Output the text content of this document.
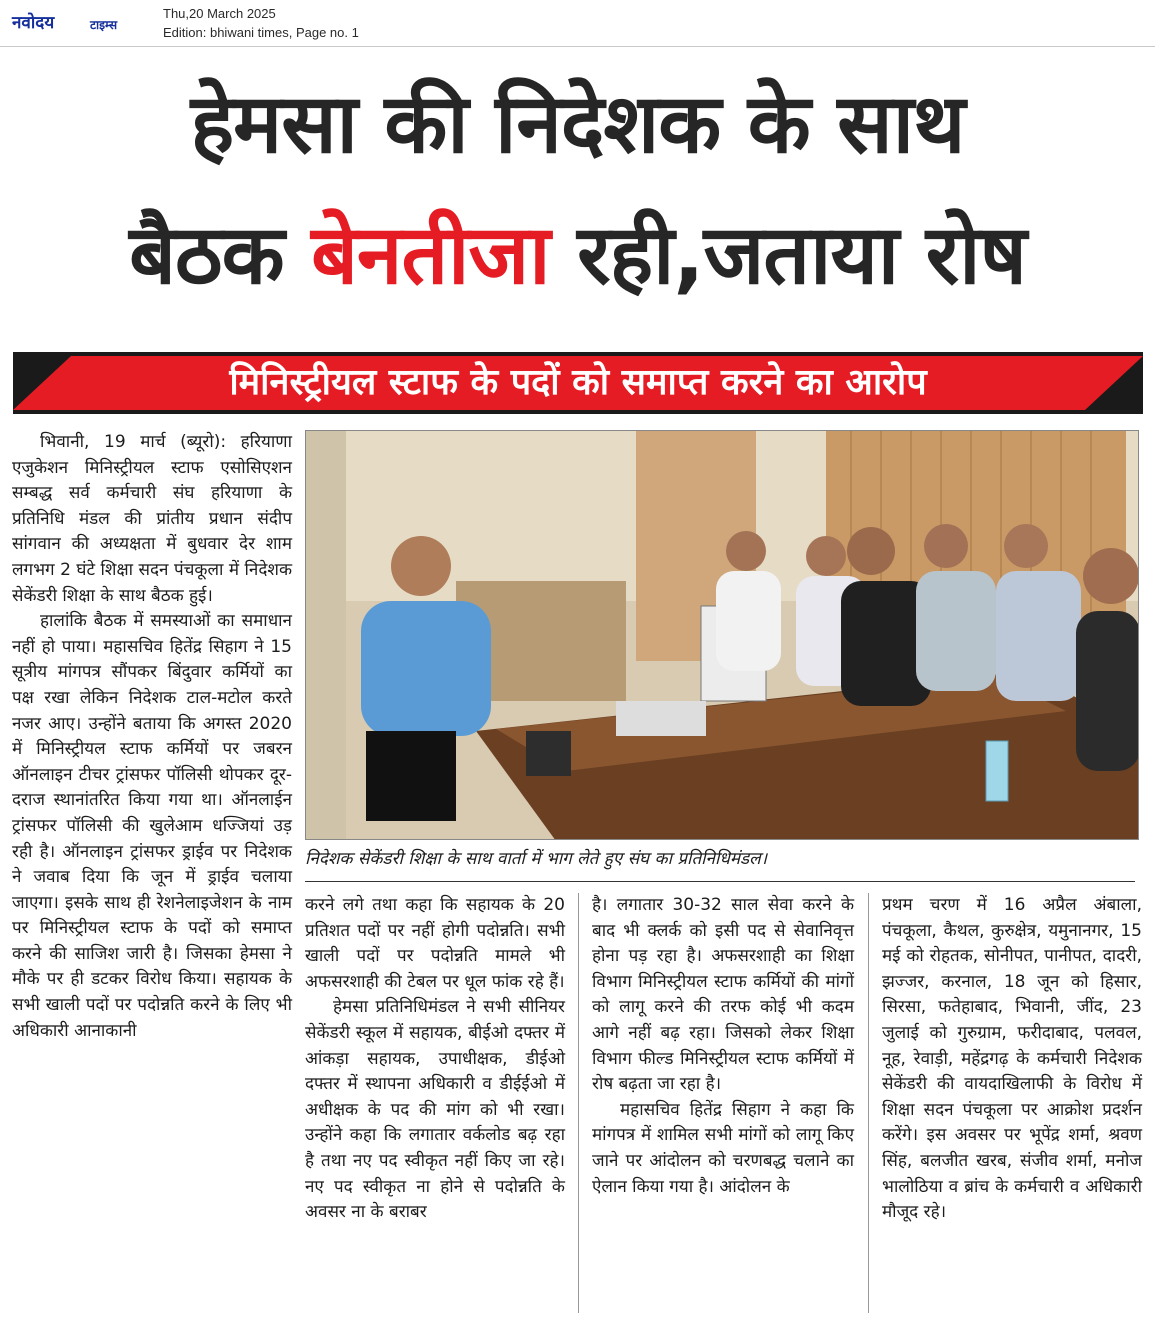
नवोदय	टाइम्स
Thu,20 March 2025
Edition: bhiwani times, Page no. 1
हेमसा की निदेशक के साथ
बैठक बेनतीजा रही,जताया रोष
मिनिस्ट्रीयल स्टाफ के पदों को समाप्त करने का आरोप

भिवानी, 19 मार्च (ब्यूरो): हरियाणा एजुकेशन मिनिस्ट्रीयल स्टाफ एसोसिएशन सम्बद्ध सर्व कर्मचारी संघ हरियाणा के प्रतिनिधि मंडल की प्रांतीय प्रधान संदीप सांगवान की अध्यक्षता में बुधवार देर शाम लगभग 2 घंटे शिक्षा सदन पंचकूला में निदेशक सेकेंडरी शिक्षा के साथ बैठक हुई।

हालांकि बैठक में समस्याओं का समाधान नहीं हो पाया। महासचिव हितेंद्र सिहाग ने 15 सूत्रीय मांगपत्र सौंपकर बिंदुवार कर्मियों का पक्ष रखा लेकिन निदेशक टाल-मटोल करते नजर आए। उन्होंने बताया कि अगस्त 2020 में मिनिस्ट्रीयल स्टाफ कर्मियों पर जबरन ऑनलाइन टीचर ट्रांसफर पॉलिसी थोपकर दूर-दराज स्थानांतरित किया गया था। ऑनलाईन ट्रांसफर पॉलिसी की खुलेआम धज्जियां उड़ रही है। ऑनलाइन ट्रांसफर ड्राईव पर निदेशक ने जवाब दिया कि जून में ड्राईव चलाया जाएगा। इसके साथ ही रेशनेलाइजेशन के नाम पर मिनिस्ट्रीयल स्टाफ के पदों को समाप्त करने की साजिश जारी है। जिसका हेमसा ने मौके पर ही डटकर विरोध किया। सहायक के सभी खाली पदों पर पदोन्नति करने के लिए भी अधिकारी आनाकानी

निदेशक सेकेंडरी शिक्षा के साथ वार्ता में भाग लेते हुए संघ का प्रतिनिधिमंडल।

करने लगे तथा कहा कि सहायक के 20 प्रतिशत पदों पर नहीं होगी पदोन्नति। सभी खाली पदों पर पदोन्नति मामले भी अफसरशाही की टेबल पर धूल फांक रहे हैं।

हेमसा प्रतिनिधिमंडल ने सभी सीनियर सेकेंडरी स्कूल में सहायक, बीईओ दफ्तर में आंकड़ा सहायक, उपाधीक्षक, डीईओ दफ्तर में स्थापना अधिकारी व डीईईओ में अधीक्षक के पद की मांग को भी रखा। उन्होंने कहा कि लगातार वर्कलोड बढ़ रहा है तथा नए पद स्वीकृत नहीं किए जा रहे। नए पद स्वीकृत ना होने से पदोन्नति के अवसर ना के बराबर

है। लगातार 30-32 साल सेवा करने के बाद भी क्लर्क को इसी पद से सेवानिवृत्त होना पड़ रहा है। अफसरशाही का शिक्षा विभाग मिनिस्ट्रीयल स्टाफ कर्मियों की मांगों को लागू करने की तरफ कोई भी कदम आगे नहीं बढ़ रहा। जिसको लेकर शिक्षा विभाग फील्ड मिनिस्ट्रीयल स्टाफ कर्मियों में रोष बढ़ता जा रहा है।

महासचिव हितेंद्र सिहाग ने कहा कि मांगपत्र में शामिल सभी मांगों को लागू किए जाने पर आंदोलन को चरणबद्ध चलाने का ऐलान किया गया है। आंदोलन के

प्रथम चरण में 16 अप्रैल अंबाला, पंचकूला, कैथल, कुरुक्षेत्र, यमुनानगर, 15 मई को रोहतक, सोनीपत, पानीपत, दादरी, झज्जर, करनाल, 18 जून को हिसार, सिरसा, फतेहाबाद, भिवानी, जींद, 23 जुलाई को गुरुग्राम, फरीदाबाद, पलवल, नूह, रेवाड़ी, महेंद्रगढ़ के कर्मचारी निदेशक सेकेंडरी की वायदाखिलाफी के विरोध में शिक्षा सदन पंचकूला पर आक्रोश प्रदर्शन करेंगे। इस अवसर पर भूपेंद्र शर्मा, श्रवण सिंह, बलजीत खरब, संजीव शर्मा, मनोज भालोठिया व ब्रांच के कर्मचारी व अधिकारी मौजूद रहे।
